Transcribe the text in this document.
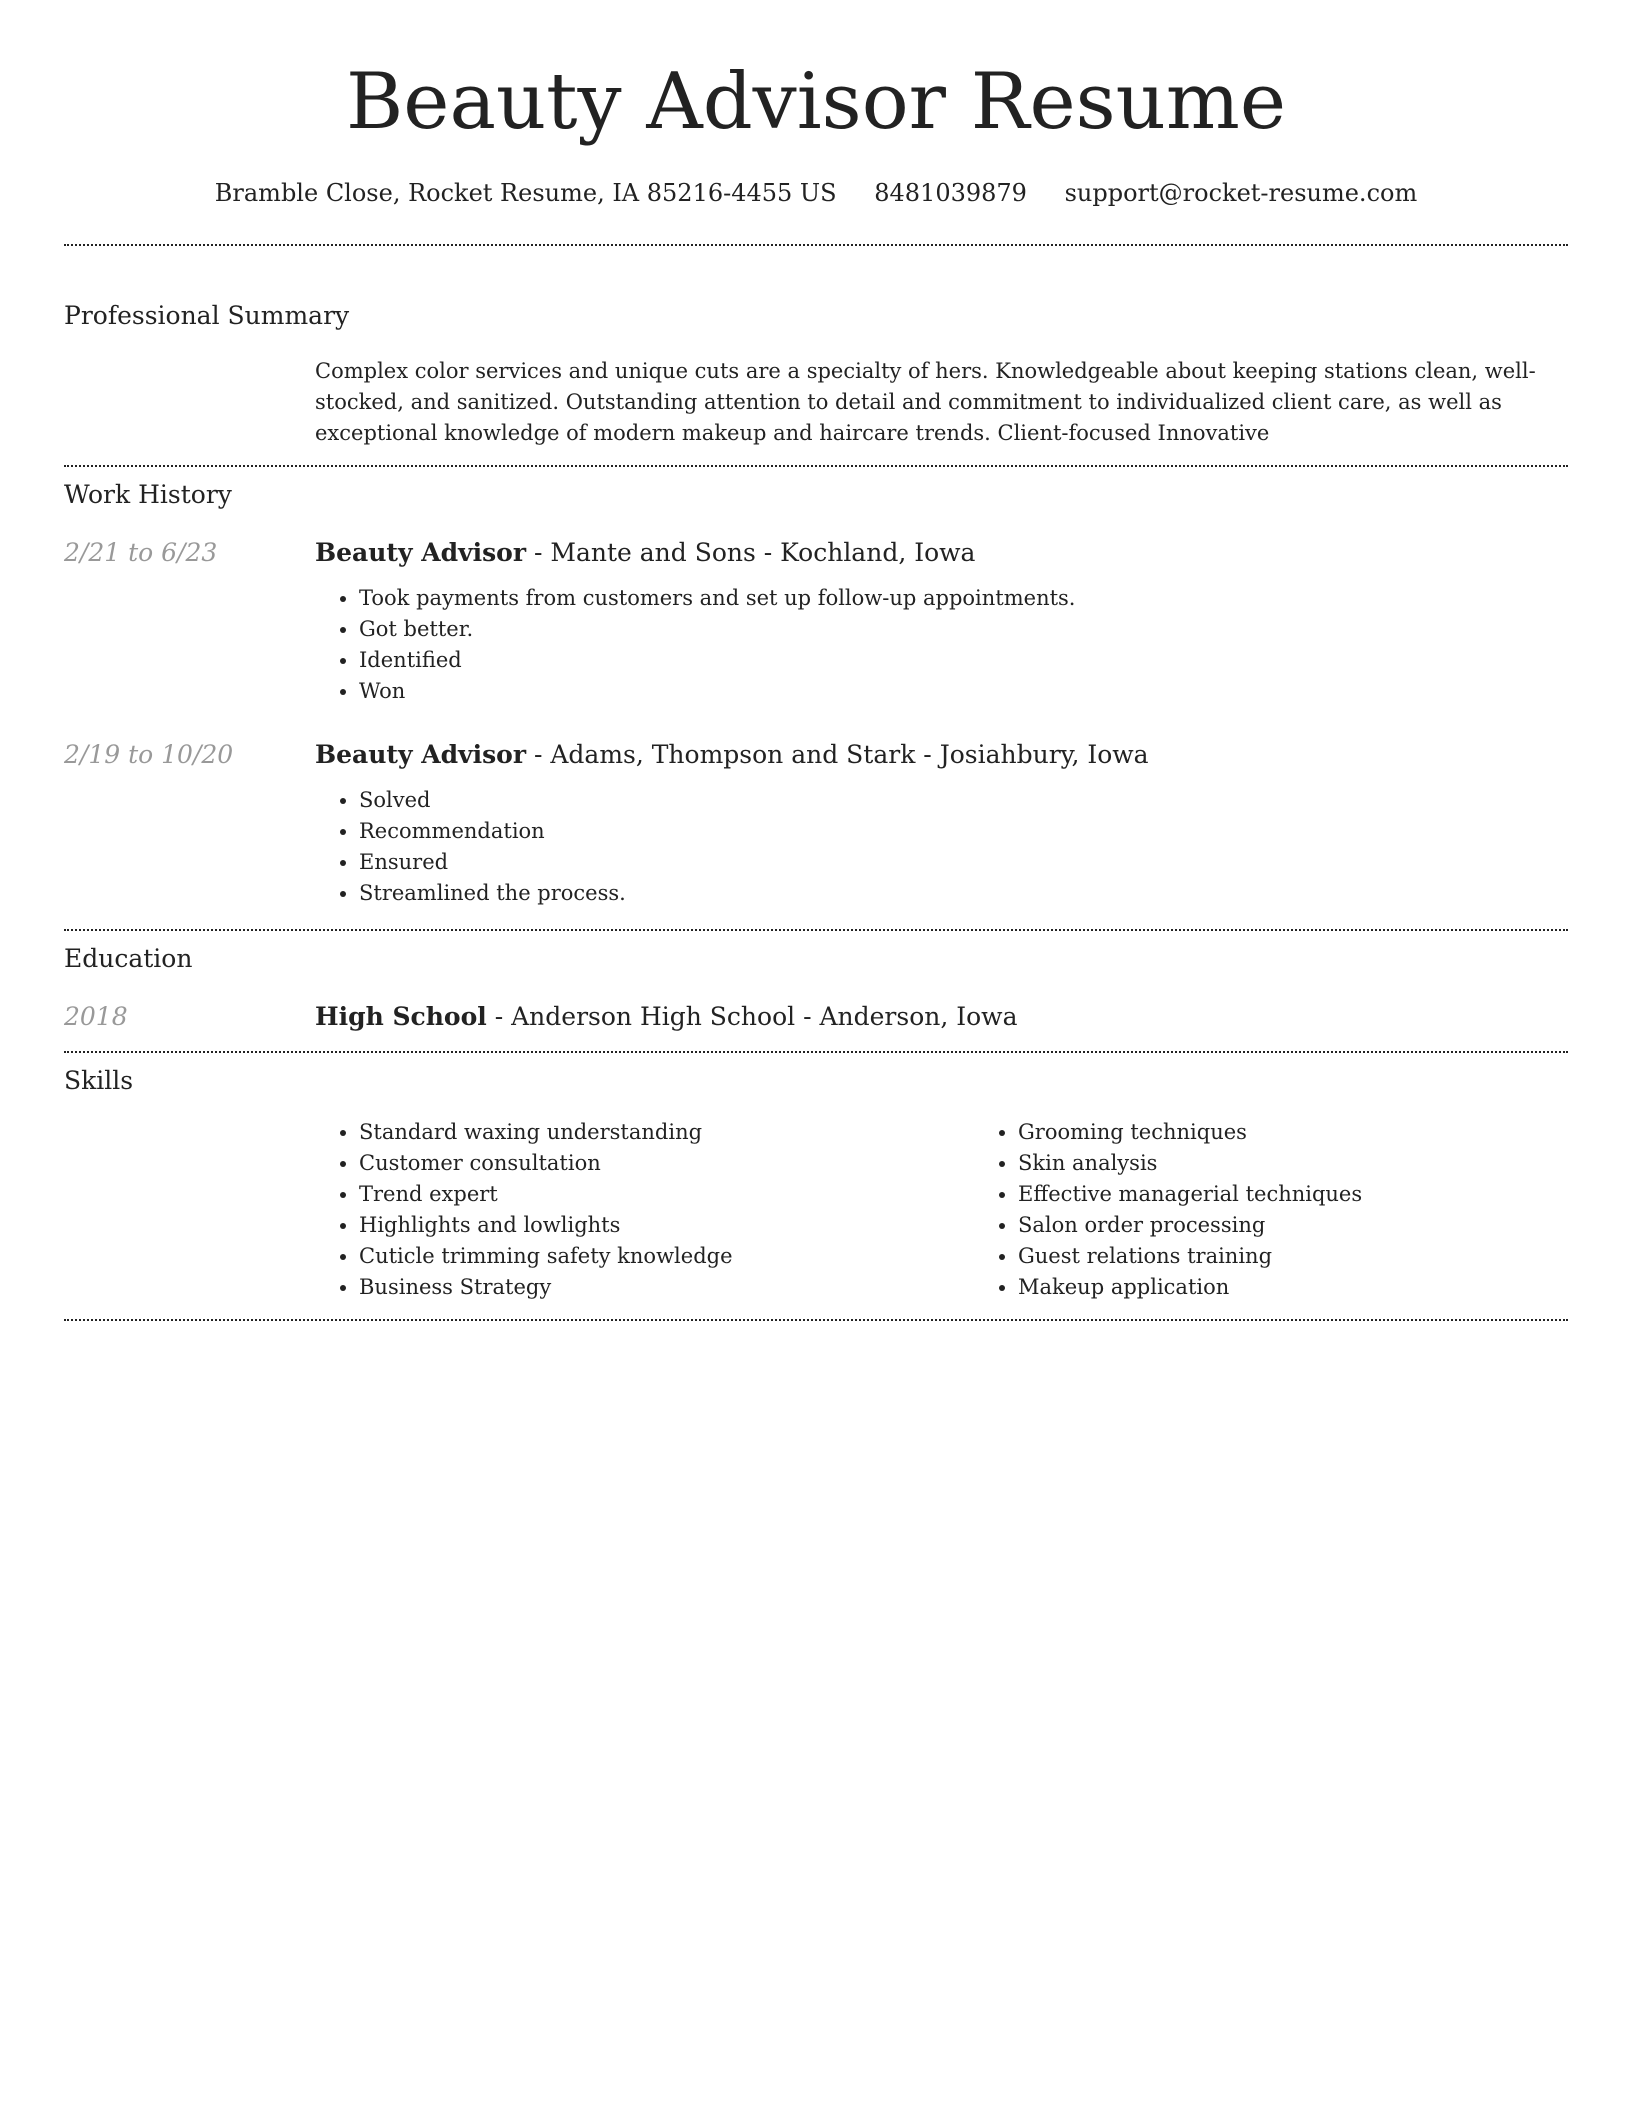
Beauty Advisor Resume
Bramble Close, Rocket Resume, IA 85216-4455 US 8481039879 support@rocket-resume.com
Professional Summary

Complex color services and unique cuts are a specialty of hers. Knowledgeable about keeping stations clean, well-stocked, and sanitized. Outstanding attention to detail and commitment to individualized client care, as well as exceptional knowledge of modern makeup and haircare trends. Client-focused Innovative

Work History
2/21 to 6/23	Beauty Advisor - Mante and Sons - Kochland, Iowa
• Took payments from customers and set up follow-up appointments.
• Got better.
• Identified
• Won
2/19 to 10/20	Beauty Advisor - Adams, Thompson and Stark - Josiahbury, Iowa
• Solved
• Recommendation
• Ensured
• Streamlined the process.
Education
2018	High School - Anderson High School - Anderson, Iowa
Skills
• Standard waxing understanding
• Customer consultation
• Trend expert
• Highlights and lowlights
• Cuticle trimming safety knowledge
• Business Strategy
• Grooming techniques
• Skin analysis
• Effective managerial techniques
• Salon order processing
• Guest relations training
• Makeup application
